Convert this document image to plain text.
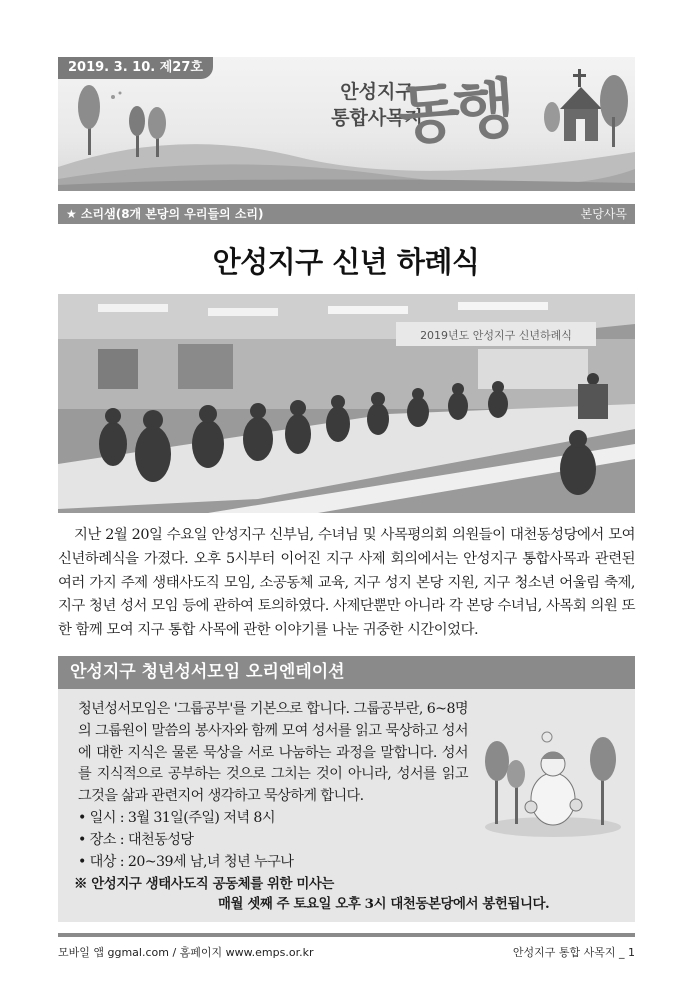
2019. 3. 10. 제27호
안성지구
통합사목지
동행
★ 소리샘(8개 본당의 우리들의 소리)	본당사목
안성지구 신년 하례식
2019년도 안성지구 신년하례식

지난 2월 20일 수요일 안성지구 신부님, 수녀님 및 사목평의회 의원들이 대천동성당에서 모여 신년하례식을 가졌다. 오후 5시부터 이어진 지구 사제 회의에서는 안성지구 통합사목과 관련된 여러 가지 주제 생태사도직 모임, 소공동체 교육, 지구 성지 본당 지원, 지구 청소년 어울림 축제, 지구 청년 성서 모임 등에 관하여 토의하였다. 사제단뿐만 아니라 각 본당 수녀님, 사목회 의원 또한 함께 모여 지구 통합 사목에 관한 이야기를 나눈 귀중한 시간이었다.

안성지구 청년성서모임 오리엔테이션

청년성서모임은 '그룹공부'를 기본으로 합니다. 그룹공부란, 6~8명의 그룹원이 말씀의 봉사자와 함께 모여 성서를 읽고 묵상하고 성서에 대한 지식은 물론 묵상을 서로 나눔하는 과정을 말합니다. 성서를 지식적으로 공부하는 것으로 그치는 것이 아니라, 성서를 읽고 그것을 삶과 관련지어 생각하고 묵상하게 합니다.

• 일시 : 3월 31일(주일) 저녁 8시
• 장소 : 대천동성당
• 대상 : 20~39세 남,녀 청년 누구나
※ 안성지구 생태사도직 공동체를 위한 미사는
매월 셋째 주 토요일 오후 3시 대천동본당에서 봉헌됩니다.
모바일 앱 ggmal.com / 홈페이지 www.emps.or.kr	안성지구 통합 사목지 _ 1
